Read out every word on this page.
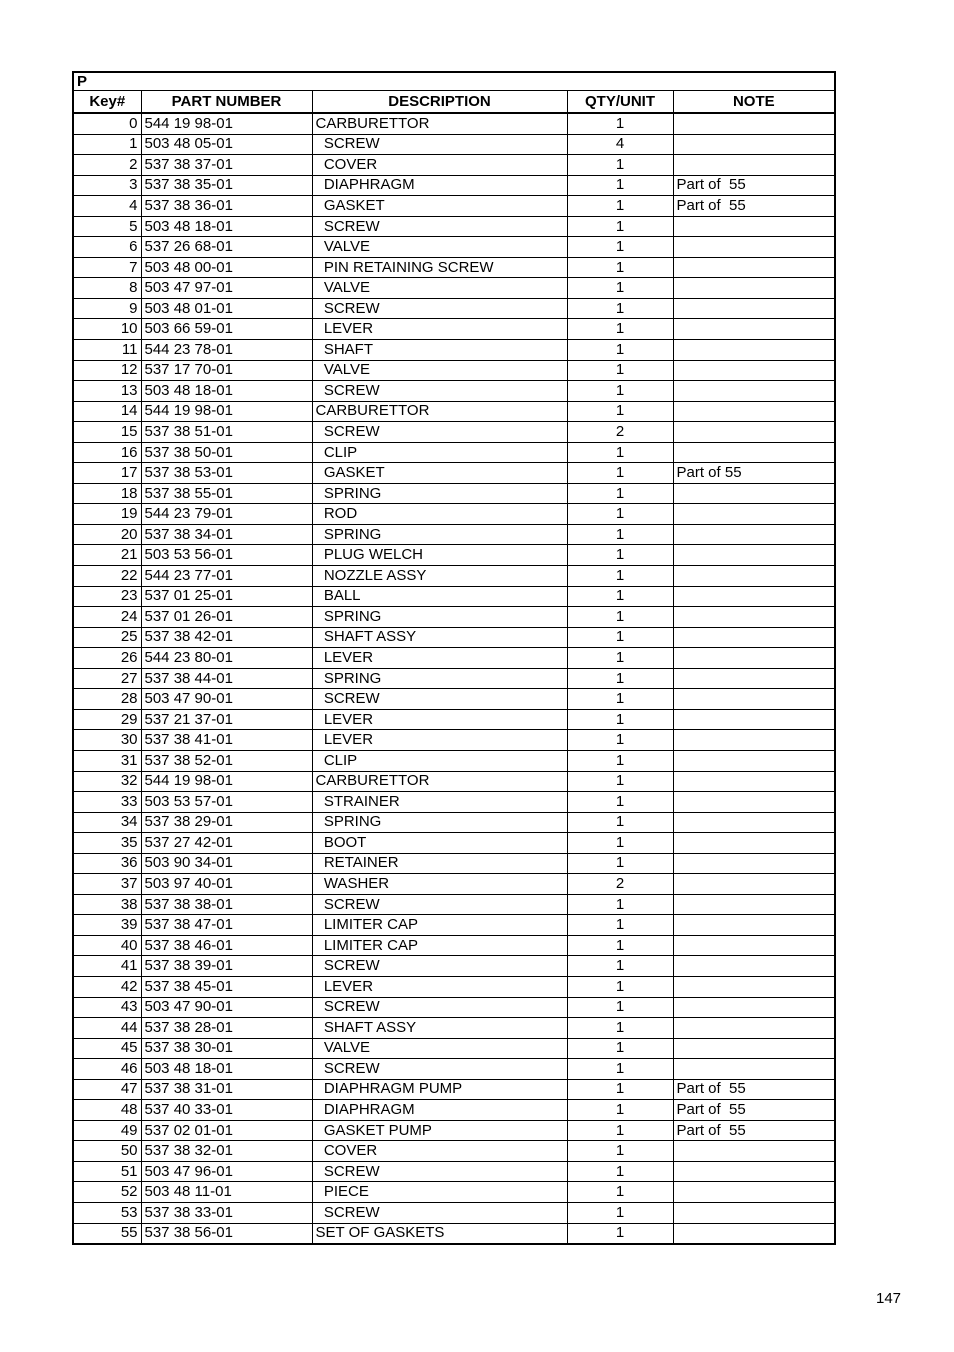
P				
Key#	PART NUMBER	DESCRIPTION	QTY/UNIT	NOTE
0	544 19 98-01	CARBURETTOR	1	
1	503 48 05-01	SCREW	4	
2	537 38 37-01	COVER	1	
3	537 38 35-01	DIAPHRAGM	1	Part of  55
4	537 38 36-01	GASKET	1	Part of  55
5	503 48 18-01	SCREW	1	
6	537 26 68-01	VALVE	1	
7	503 48 00-01	PIN RETAINING SCREW	1	
8	503 47 97-01	VALVE	1	
9	503 48 01-01	SCREW	1	
10	503 66 59-01	LEVER	1	
11	544 23 78-01	SHAFT	1	
12	537 17 70-01	VALVE	1	
13	503 48 18-01	SCREW	1	
14	544 19 98-01	CARBURETTOR	1	
15	537 38 51-01	SCREW	2	
16	537 38 50-01	CLIP	1	
17	537 38 53-01	GASKET	1	Part of 55
18	537 38 55-01	SPRING	1	
19	544 23 79-01	ROD	1	
20	537 38 34-01	SPRING	1	
21	503 53 56-01	PLUG WELCH	1	
22	544 23 77-01	NOZZLE ASSY	1	
23	537 01 25-01	BALL	1	
24	537 01 26-01	SPRING	1	
25	537 38 42-01	SHAFT ASSY	1	
26	544 23 80-01	LEVER	1	
27	537 38 44-01	SPRING	1	
28	503 47 90-01	SCREW	1	
29	537 21 37-01	LEVER	1	
30	537 38 41-01	LEVER	1	
31	537 38 52-01	CLIP	1	
32	544 19 98-01	CARBURETTOR	1	
33	503 53 57-01	STRAINER	1	
34	537 38 29-01	SPRING	1	
35	537 27 42-01	BOOT	1	
36	503 90 34-01	RETAINER	1	
37	503 97 40-01	WASHER	2	
38	537 38 38-01	SCREW	1	
39	537 38 47-01	LIMITER CAP	1	
40	537 38 46-01	LIMITER CAP	1	
41	537 38 39-01	SCREW	1	
42	537 38 45-01	LEVER	1	
43	503 47 90-01	SCREW	1	
44	537 38 28-01	SHAFT ASSY	1	
45	537 38 30-01	VALVE	1	
46	503 48 18-01	SCREW	1	
47	537 38 31-01	DIAPHRAGM PUMP	1	Part of  55
48	537 40 33-01	DIAPHRAGM	1	Part of  55
49	537 02 01-01	GASKET PUMP	1	Part of  55
50	537 38 32-01	COVER	1	
51	503 47 96-01	SCREW	1	
52	503 48 11-01	PIECE	1	
53	537 38 33-01	SCREW	1	
55	537 38 56-01	SET OF GASKETS	1	
147
